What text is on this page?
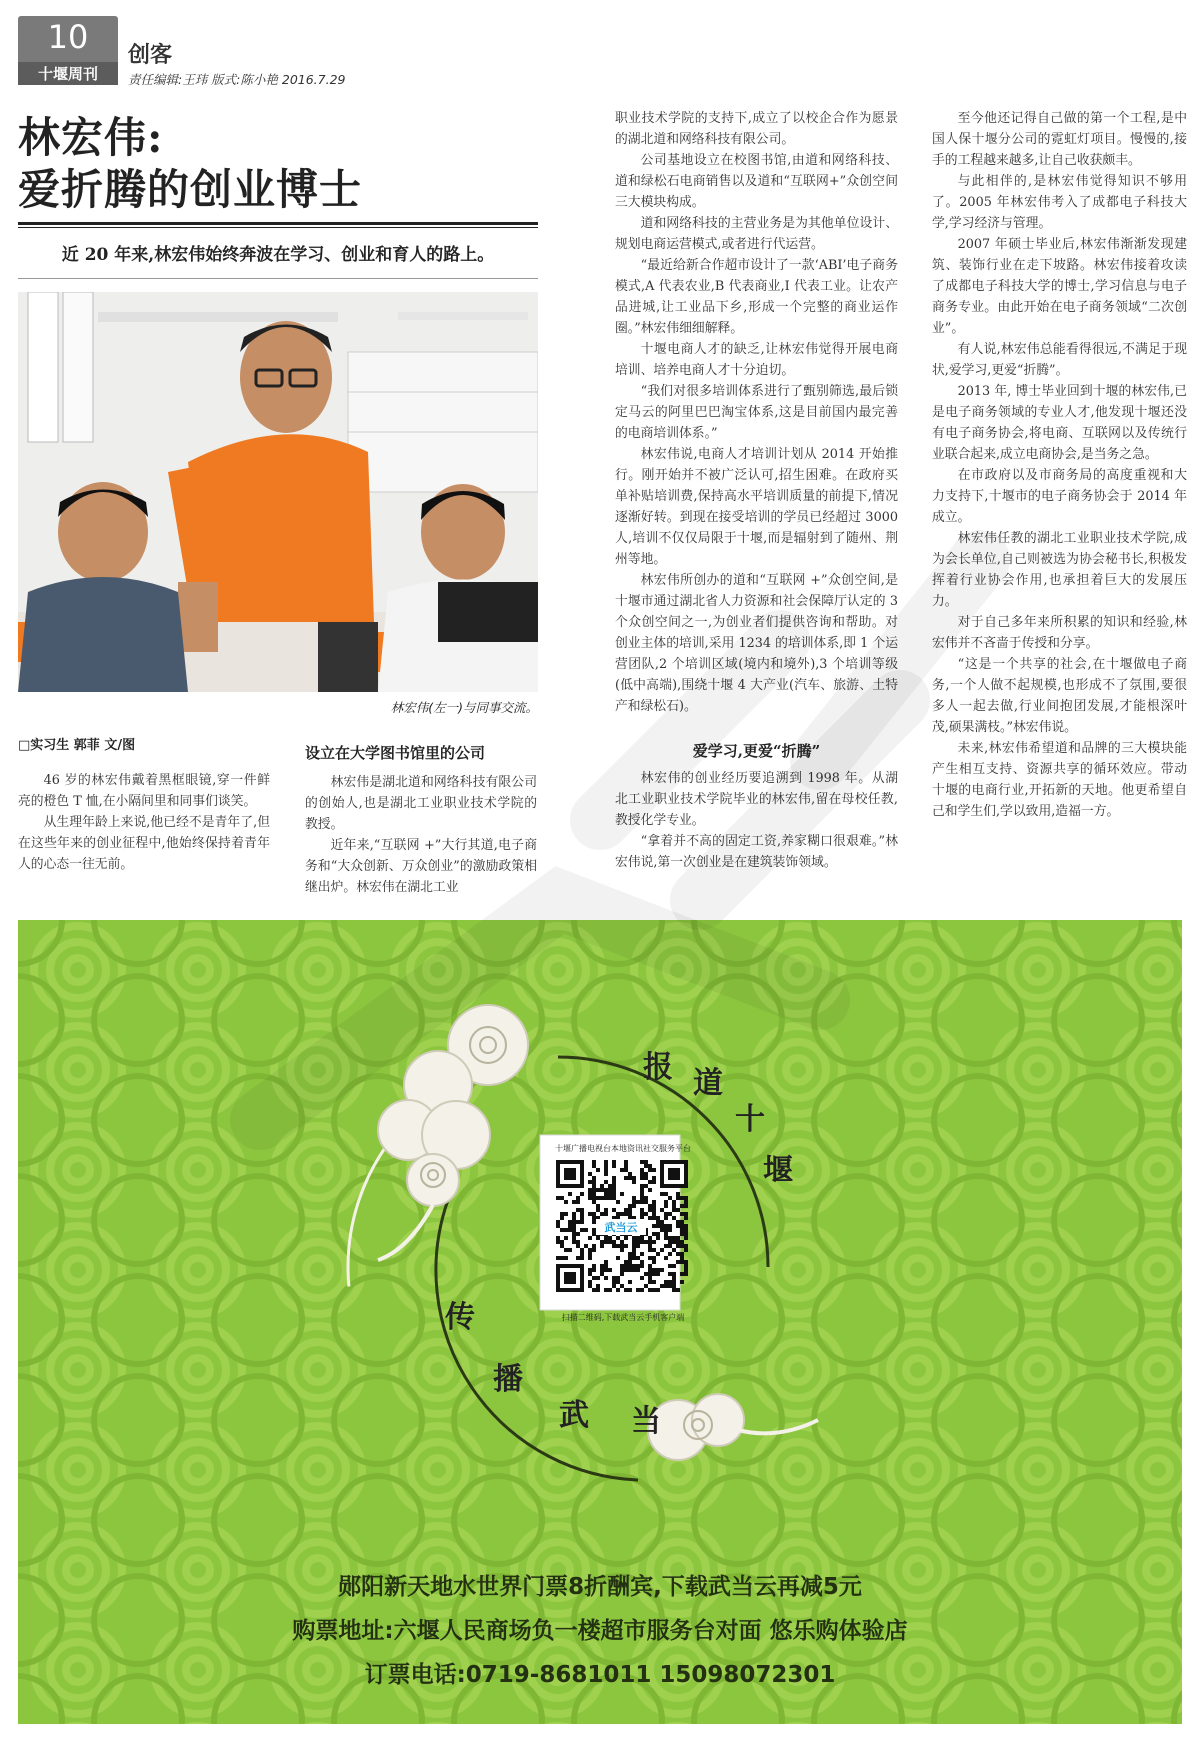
10
十堰周刊
创客
责任编辑:王玮 版式:陈小艳 2016.7.29
林宏伟:
爱折腾的创业博士
近 20 年来,林宏伟始终奔波在学习、创业和育人的路上。
林宏伟(左一)与同事交流。
□实习生 郭菲 文/图

46 岁的林宏伟戴着黑框眼镜,穿一件鲜亮的橙色 T 恤,在小隔间里和同事们谈笑。

从生理年龄上来说,他已经不是青年了,但在这些年来的创业征程中,他始终保持着青年人的心态一往无前。

设立在大学图书馆里的公司

林宏伟是湖北道和网络科技有限公司的创始人,也是湖北工业职业技术学院的教授。

近年来,“互联网 +”大行其道,电子商务和“大众创新、万众创业”的激励政策相继出炉。林宏伟在湖北工业

职业技术学院的支持下,成立了以校企合作为愿景的湖北道和网络科技有限公司。

公司基地设立在校图书馆,由道和网络科技、道和绿松石电商销售以及道和“互联网+”众创空间三大模块构成。

道和网络科技的主营业务是为其他单位设计、规划电商运营模式,或者进行代运营。

“最近给新合作超市设计了一款‘ABI’电子商务模式,A 代表农业,B 代表商业,I 代表工业。让农产品进城,让工业品下乡,形成一个完整的商业运作圈。”林宏伟细细解释。

十堰电商人才的缺乏,让林宏伟觉得开展电商培训、培养电商人才十分迫切。

“我们对很多培训体系进行了甄别筛选,最后锁定马云的阿里巴巴淘宝体系,这是目前国内最完善的电商培训体系。”

林宏伟说,电商人才培训计划从 2014 开始推行。刚开始并不被广泛认可,招生困难。在政府买单补贴培训费,保持高水平培训质量的前提下,情况逐渐好转。到现在接受培训的学员已经超过 3000 人,培训不仅仅局限于十堰,而是辐射到了随州、荆州等地。

林宏伟所创办的道和“互联网 +”众创空间,是十堰市通过湖北省人力资源和社会保障厅认定的 3 个众创空间之一,为创业者们提供咨询和帮助。对创业主体的培训,采用 1234 的培训体系,即 1 个运营团队,2 个培训区域(境内和境外),3 个培训等级(低中高端),围绕十堰 4 大产业(汽车、旅游、土特产和绿松石)。

爱学习,更爱“折腾”

林宏伟的创业经历要追溯到 1998 年。从湖北工业职业技术学院毕业的林宏伟,留在母校任教,教授化学专业。

“拿着并不高的固定工资,养家糊口很艰难。”林宏伟说,第一次创业是在建筑装饰领域。

至今他还记得自己做的第一个工程,是中国人保十堰分公司的霓虹灯项目。慢慢的,接手的工程越来越多,让自己收获颇丰。

与此相伴的,是林宏伟觉得知识不够用了。2005 年林宏伟考入了成都电子科技大学,学习经济与管理。

2007 年硕士毕业后,林宏伟渐渐发现建筑、装饰行业在走下坡路。林宏伟接着攻读了成都电子科技大学的博士,学习信息与电子商务专业。由此开始在电子商务领域“二次创业”。

有人说,林宏伟总能看得很远,不满足于现状,爱学习,更爱“折腾”。

2013 年, 博士毕业回到十堰的林宏伟,已是电子商务领域的专业人才,他发现十堰还没有电子商务协会,将电商、互联网以及传统行业联合起来,成立电商协会,是当务之急。

在市政府以及市商务局的高度重视和大力支持下,十堰市的电子商务协会于 2014 年成立。

林宏伟任教的湖北工业职业技术学院,成为会长单位,自己则被选为协会秘书长,积极发挥着行业协会作用,也承担着巨大的发展压力。

对于自己多年来所积累的知识和经验,林宏伟并不吝啬于传授和分享。

“这是一个共享的社会,在十堰做电子商务,一个人做不起规模,也形成不了氛围,要很多人一起去做,行业间抱团发展,才能根深叶茂,硕果满枝。”林宏伟说。

未来,林宏伟希望道和品牌的三大模块能产生相互支持、资源共享的循环效应。带动十堰的电商行业,开拓新的天地。他更希望自己和学生们,学以致用,造福一方。

报 道
十
堰
传
播
武 当
十堰广播电视台本地资讯社交服务平台
武当云
扫描二维码,下载武当云手机客户端
郧阳新天地水世界门票8折酬宾,下载武当云再减5元
购票地址:六堰人民商场负一楼超市服务台对面 悠乐购体验店
订票电话:0719-8681011 15098072301
